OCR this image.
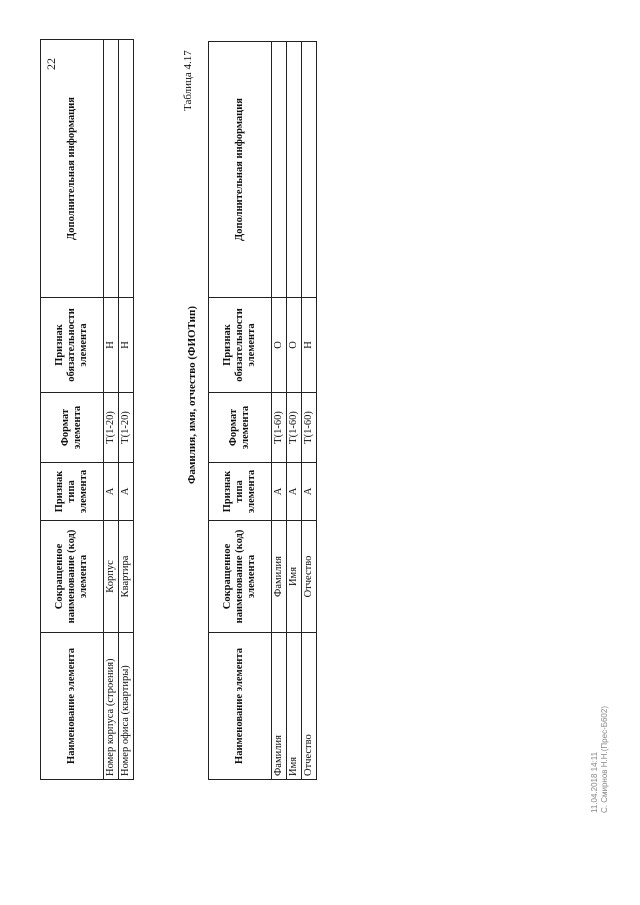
22
Наименование элемента	Сокращенное наименование (код) элемента	Признак типа элемента	Формат элемента	Признак обязательности элемента	Дополнительная информация
Номер корпуса (строения)	Корпус	А	Т(1-20)	Н	
Номер офиса (квартиры)	Квартира	А	Т(1-20)	Н	
Таблица 4.17
Фамилия, имя, отчество (ФИОТип)
Наименование элемента	Сокращенное наименование (код) элемента	Признак типа элемента	Формат элемента	Признак обязательности элемента	Дополнительная информация
Фамилия	Фамилия	А	Т(1-60)	О	
Имя	Имя	А	Т(1-60)	О	
Отчество	Отчество	А	Т(1-60)	Н	
11.04.2018 14:11 С. Смирнов Н.Н.(Прес-Б602)
